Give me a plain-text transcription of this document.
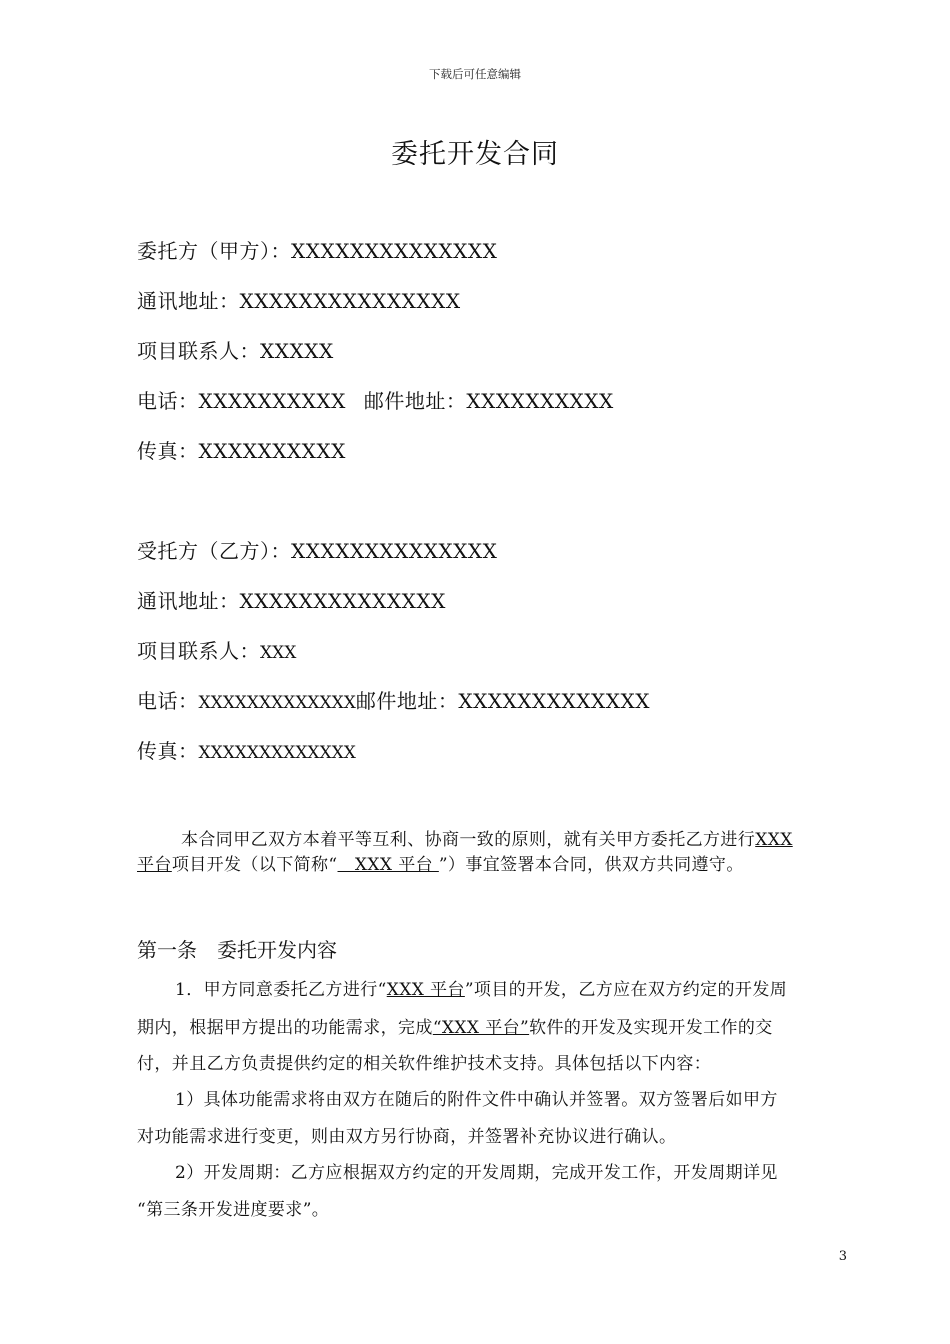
下载后可任意编辑
委托开发合同
委托方（甲方）：XXXXXXXXXXXXXX
通讯地址：XXXXXXXXXXXXXXX
项目联系人：XXXXX
电话：XXXXXXXXXX 邮件地址：XXXXXXXXXX
传真：XXXXXXXXXX
受托方（乙方）：XXXXXXXXXXXXXX
通讯地址：XXXXXXXXXXXXXX
项目联系人：XXX
电话：XXXXXXXXXXXXX邮件地址：XXXXXXXXXXXXX
传真：XXXXXXXXXXXXX
本合同甲乙双方本着平等互利、协商一致的原则，就有关甲方委托乙方进行XXX
平台项目开发（以下简称“   XXX 平台 ”）事宜签署本合同，供双方共同遵守。
第一条 委托开发内容
1．甲方同意委托乙方进行“XXX 平台”项目的开发，乙方应在双方约定的开发周
期内，根据甲方提出的功能需求，完成“XXX 平台”软件的开发及实现开发工作的交
付，并且乙方负责提供约定的相关软件维护技术支持。具体包括以下内容：
1）具体功能需求将由双方在随后的附件文件中确认并签署。双方签署后如甲方
对功能需求进行变更，则由双方另行协商，并签署补充协议进行确认。
2）开发周期：乙方应根据双方约定的开发周期，完成开发工作，开发周期详见
“第三条开发进度要求”。
3
